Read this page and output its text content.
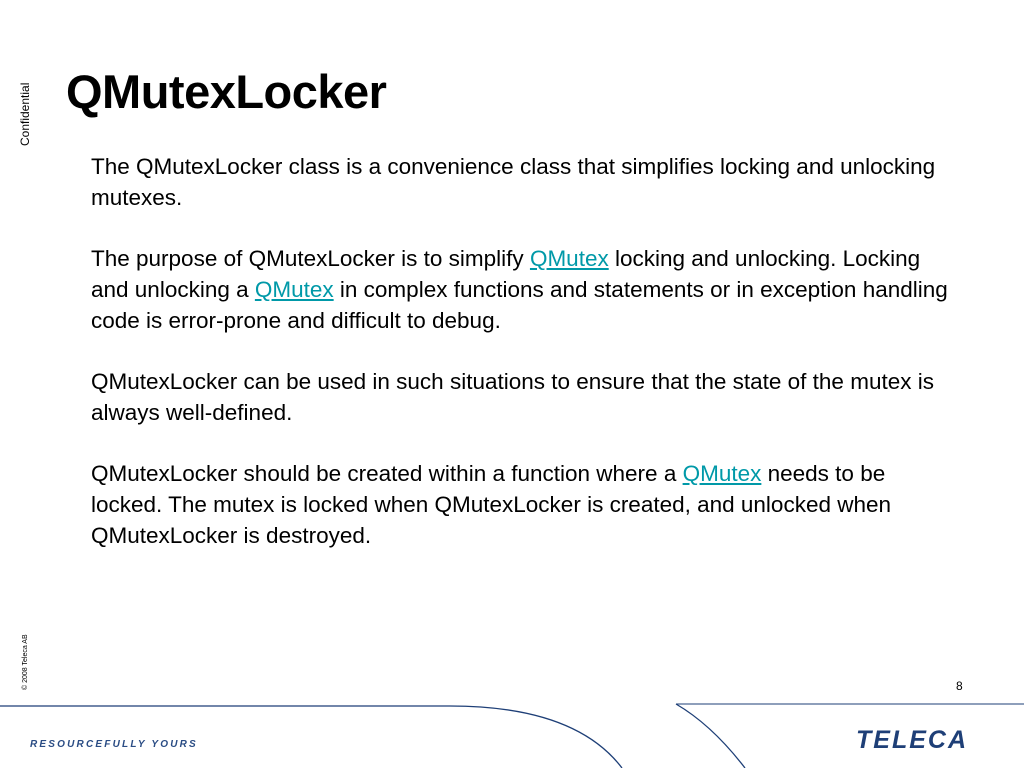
Confidential
© 2008 Teleca AB
QMutexLocker

The QMutexLocker class is a convenience class that simplifies locking and unlocking mutexes.

The purpose of QMutexLocker is to simplify QMutex locking and unlocking. Locking and unlocking a QMutex in complex functions and statements or in exception handling code is error-prone and difficult to debug.

QMutexLocker can be used in such situations to ensure that the state of the mutex is always well-defined.

QMutexLocker should be created within a function where a QMutex needs to be locked. The mutex is locked when QMutexLocker is created, and unlocked when QMutexLocker is destroyed.

8
RESOURCEFULLY YOURS	TELECA
